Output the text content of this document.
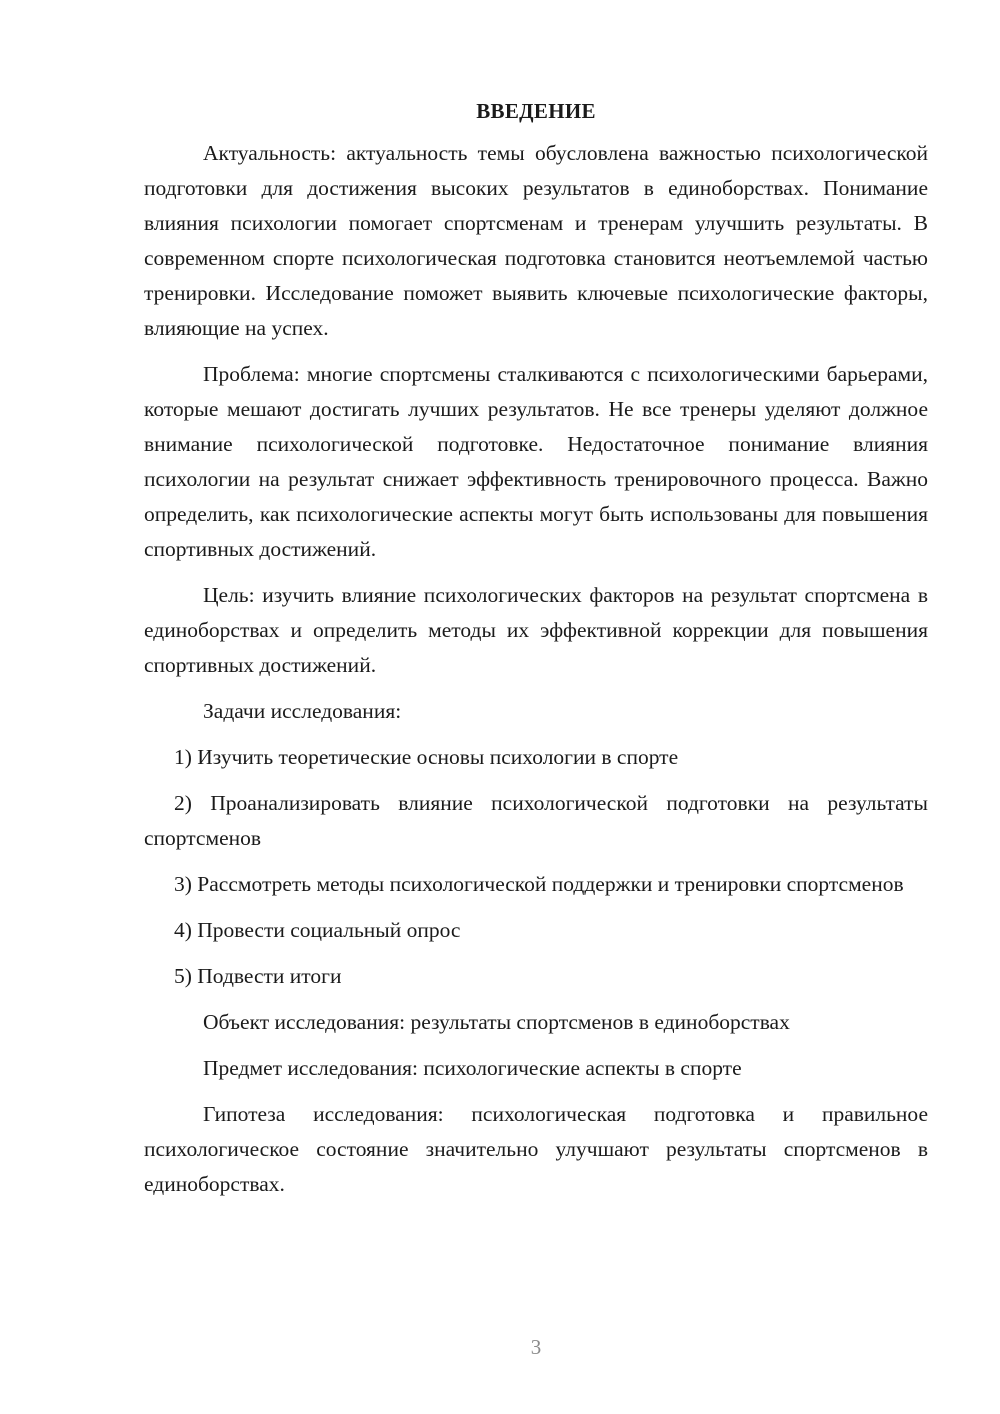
ВВЕДЕНИЕ

Актуальность: актуальность темы обусловлена важностью психологической подготовки для достижения высоких результатов в единоборствах. Понимание влияния психологии помогает спортсменам и тренерам улучшить результаты. В современном спорте психологическая подготовка становится неотъемлемой частью тренировки. Исследование поможет выявить ключевые психологические факторы, влияющие на успех.

Проблема: многие спортсмены сталкиваются с психологическими барьерами, которые мешают достигать лучших результатов. Не все тренеры уделяют должное внимание психологической подготовке. Недостаточное понимание влияния психологии на результат снижает эффективность тренировочного процесса. Важно определить, как психологические аспекты могут быть использованы для повышения спортивных достижений.

Цель: изучить влияние психологических факторов на результат спортсмена в единоборствах и определить методы их эффективной коррекции для повышения спортивных достижений.

Задачи исследования:

1) Изучить теоретические основы психологии в спорте

2) Проанализировать влияние психологической подготовки на результаты спортсменов

3) Рассмотреть методы психологической поддержки и тренировки спортсменов

4) Провести социальный опрос

5) Подвести итоги

Объект исследования: результаты спортсменов в единоборствах

Предмет исследования: психологические аспекты в спорте

Гипотеза исследования: психологическая подготовка и правильное психологическое состояние значительно улучшают результаты спортсменов в единоборствах.

3
